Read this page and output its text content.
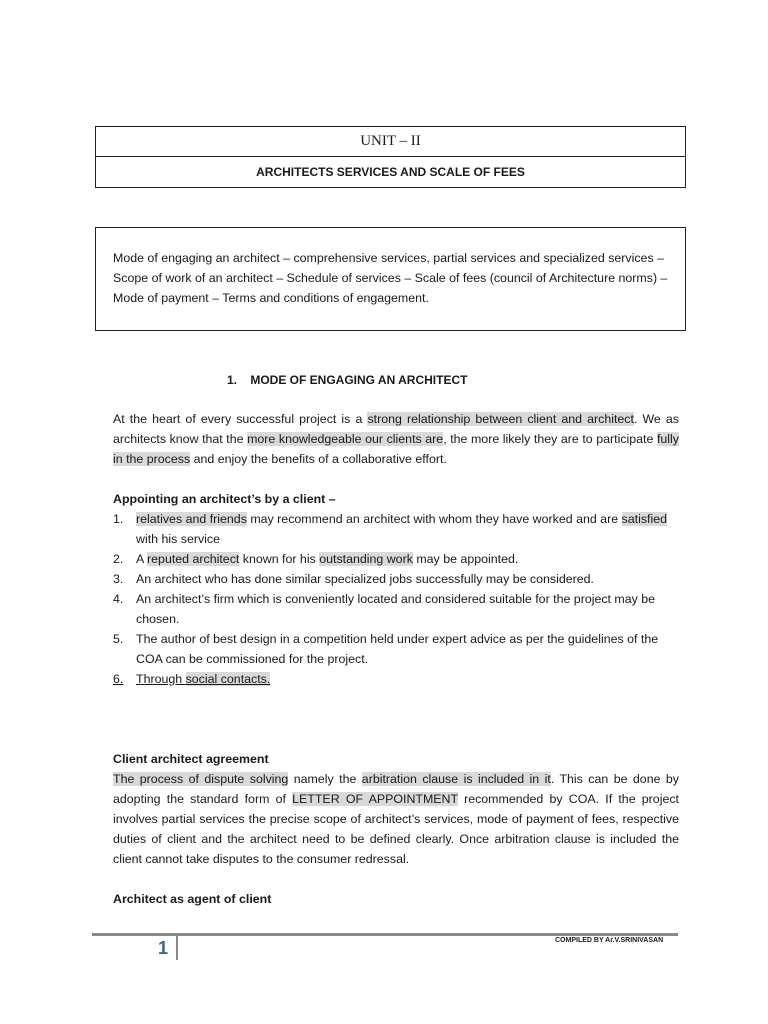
UNIT – II
ARCHITECTS SERVICES AND SCALE OF FEES

Mode of engaging an architect – comprehensive services, partial services and specialized services – Scope of work of an architect – Schedule of services – Scale of fees (council of Architecture norms) – Mode of payment – Terms and conditions of engagement.

1.    MODE OF ENGAGING AN ARCHITECT
At the heart of every successful project is a strong relationship between client and architect. We as architects know that the more knowledgeable our clients are, the more likely they are to participate fully in the process and enjoy the benefits of a collaborative effort.
Appointing an architect’s by a client –
1. relatives and friends may recommend an architect with whom they have worked and are satisfied with his service
2. A reputed architect known for his outstanding work may be appointed.
3. An architect who has done similar specialized jobs successfully may be considered.
4. An architect’s firm which is conveniently located and considered suitable for the project may be chosen.
5. The author of best design in a competition held under expert advice as per the guidelines of the COA can be commissioned for the project.
6. Through social contacts.
Client architect agreement
The process of dispute solving namely the arbitration clause is included in it. This can be done by adopting the standard form of LETTER OF APPOINTMENT recommended by COA. If the project involves partial services the precise scope of architect’s services, mode of payment of fees, respective duties of client and the architect need to be defined clearly. Once arbitration clause is included the client cannot take disputes to the consumer redressal.
Architect as agent of client
1	COMPILED BY Ar.V.SRINIVASAN
